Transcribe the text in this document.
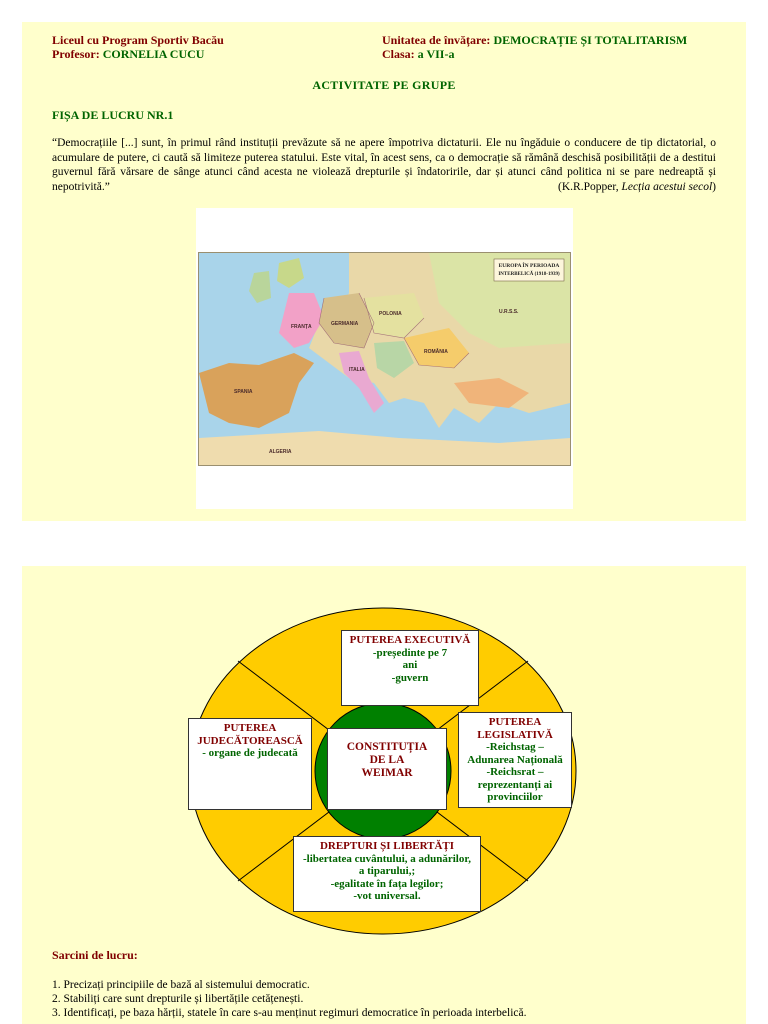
Liceul cu Program Sportiv Bacău
Profesor: CORNELIA CUCU
Unitatea de învățare: DEMOCRAȚIE ȘI TOTALITARISM
Clasa: a VII-a
ACTIVITATE PE GRUPE
FIȘA DE LUCRU NR.1
“Democrațiile [...] sunt, în primul rând instituții prevăzute să ne apere împotriva dictaturii. Ele nu îngăduie o conducere de tip dictatorial, o acumulare de putere, ci caută să limiteze puterea statului. Este vital, în acest sens, ca o democrație să rămână deschisă posibilității de a destitui guvernul fără vărsare de sânge atunci când acesta ne violează drepturile și îndatoririle, dar și atunci când politica ni se pare nedreaptă și nepotrivită.”	(K.R.Popper, Lecția acestui secol)
EUROPA ÎN PERIOADA
INTERBELICĂ (1918-1939)
FRANȚA	GERMANIA
ITALIA
ROMÂNIA
POLONIA
SPANIA
ALGERIA
U.R.S.S.
PUTEREA EXECUTIVĂ
-președinte pe 7
ani
-guvern
PUTEREA
JUDECĂTOREASCĂ
- organe de judecată	CONSTITUȚIA
DE LA
WEIMAR
PUTEREA
LEGISLATIVĂ
-Reichstag –
Adunarea Națională
-Reichsrat –
reprezentanți ai
provinciilor
DREPTURI ȘI LIBERTĂȚI
-libertatea cuvântului, a adunărilor,
a tiparului,;
-egalitate în fața legilor;
-vot universal.
Sarcini de lucru:
1. Precizați principiile de bază al sistemului democratic.
2. Stabiliți care sunt drepturile și libertățile cetățenești.
3. Identificați, pe baza hărții, statele în care s-au menținut regimuri democratice în perioada interbelică.
